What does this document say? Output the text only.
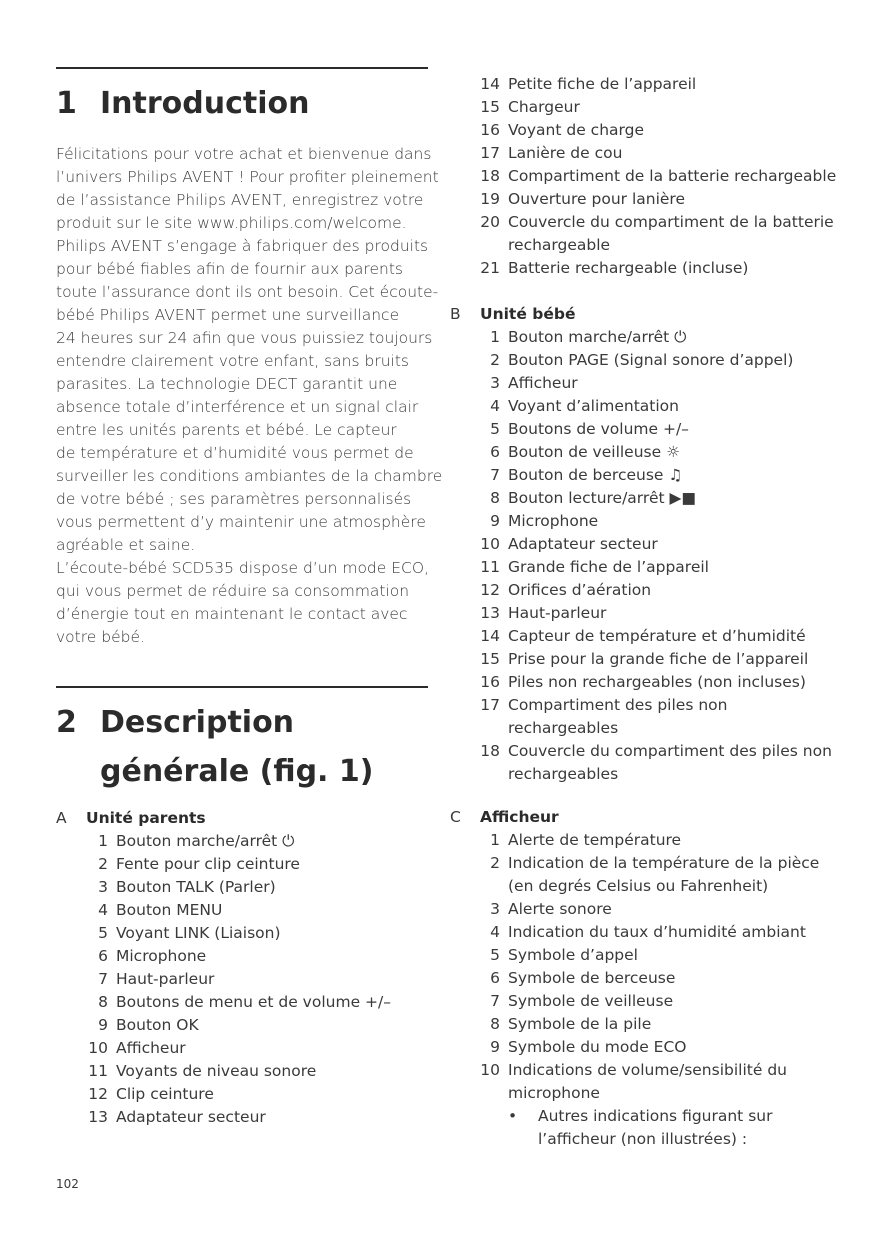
1 Introduction
Félicitations pour votre achat et bienvenue dans
l’univers Philips AVENT ! Pour profiter pleinement
de l’assistance Philips AVENT, enregistrez votre
produit sur le site www.philips.com/welcome.
Philips AVENT s’engage à fabriquer des produits
pour bébé fiables afin de fournir aux parents
toute l’assurance dont ils ont besoin. Cet écoute-
bébé Philips AVENT permet une surveillance
24 heures sur 24 afin que vous puissiez toujours
entendre clairement votre enfant, sans bruits
parasites. La technologie DECT garantit une
absence totale d’interférence et un signal clair
entre les unités parents et bébé. Le capteur
de température et d’humidité vous permet de
surveiller les conditions ambiantes de la chambre
de votre bébé ; ses paramètres personnalisés
vous permettent d’y maintenir une atmosphère
agréable et saine.
L’écoute-bébé SCD535 dispose d’un mode ECO,
qui vous permet de réduire sa consommation
d’énergie tout en maintenant le contact avec
votre bébé.
2 Description
générale (fig. 1)
A Unité parents
1 Bouton marche/arrêt ⏻
2 Fente pour clip ceinture
3 Bouton TALK (Parler)
4 Bouton MENU
5 Voyant LINK (Liaison)
6 Microphone
7 Haut-parleur
8 Boutons de menu et de volume +/–
9 Bouton OK
10 Afficheur
11 Voyants de niveau sonore
12 Clip ceinture
13 Adaptateur secteur
102
14 Petite fiche de l’appareil
15 Chargeur
16 Voyant de charge
17 Lanière de cou
18 Compartiment de la batterie rechargeable
19 Ouverture pour lanière
20 Couvercle du compartiment de la batterie
rechargeable
21 Batterie rechargeable (incluse)
B Unité bébé
1 Bouton marche/arrêt ⏻
2 Bouton PAGE (Signal sonore d’appel)
3 Afficheur
4 Voyant d’alimentation
5 Boutons de volume +/–
6 Bouton de veilleuse ☼
7 Bouton de berceuse ♫
8 Bouton lecture/arrêt ▶■
9 Microphone
10 Adaptateur secteur
11 Grande fiche de l’appareil
12 Orifices d’aération
13 Haut-parleur
14 Capteur de température et d’humidité
15 Prise pour la grande fiche de l’appareil
16 Piles non rechargeables (non incluses)
17 Compartiment des piles non
rechargeables
18 Couvercle du compartiment des piles non
rechargeables
C Afficheur
1 Alerte de température
2 Indication de la température de la pièce
(en degrés Celsius ou Fahrenheit)
3 Alerte sonore
4 Indication du taux d’humidité ambiant
5 Symbole d’appel
6 Symbole de berceuse
7 Symbole de veilleuse
8 Symbole de la pile
9 Symbole du mode ECO
10 Indications de volume/sensibilité du
microphone
• Autres indications figurant sur
l’afficheur (non illustrées) :
